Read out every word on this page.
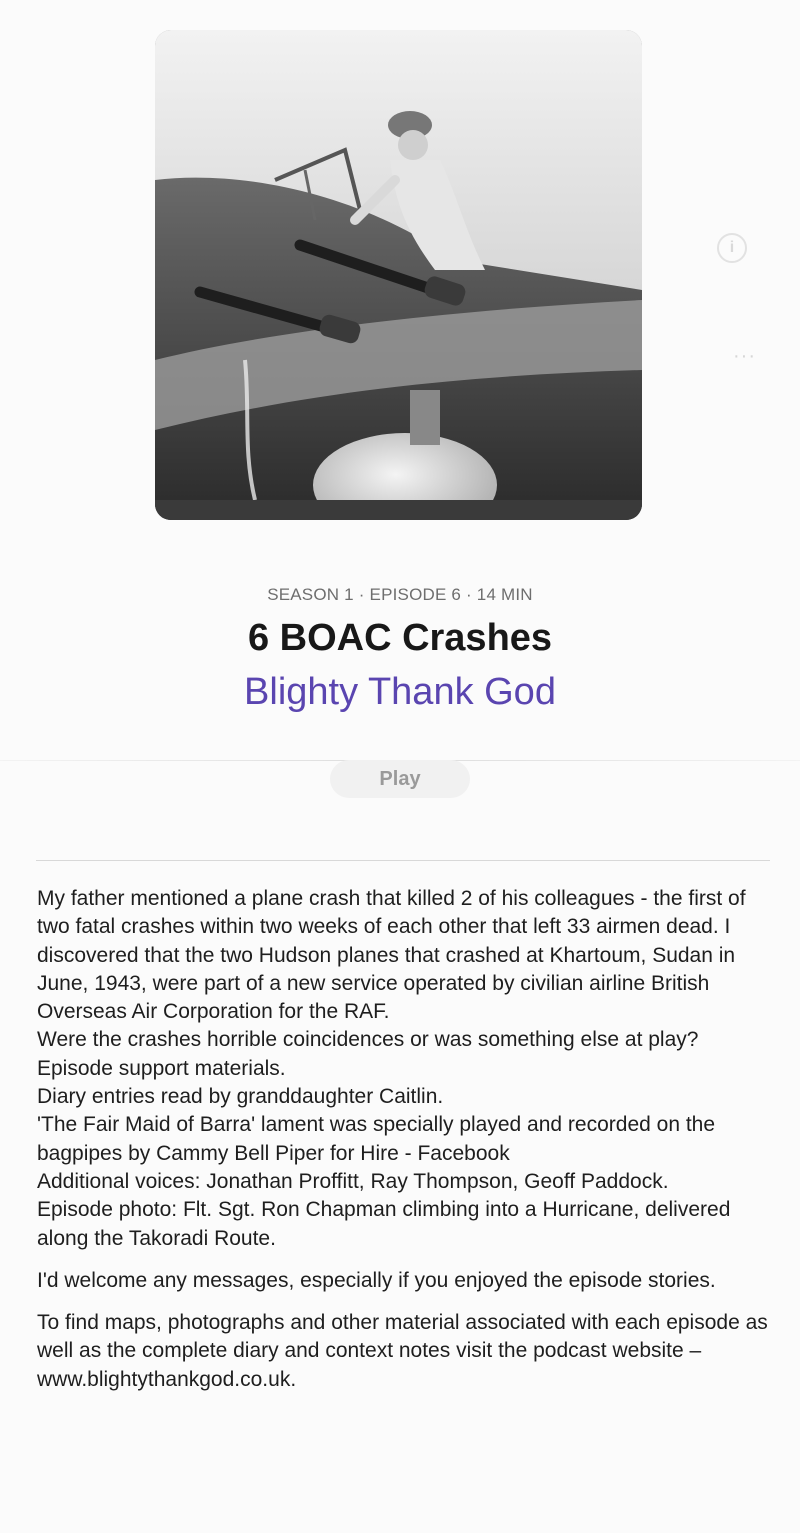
i
···
SEASON 1 · EPISODE 6 · 14 MIN
6 BOAC Crashes
Blighty Thank God
Play

My father mentioned a plane crash that killed 2 of his colleagues - the first of two fatal crashes within two weeks of each other that left 33 airmen dead. I discovered that the two Hudson planes that crashed at Khartoum, Sudan in June, 1943, were part of a new service operated by civilian airline British Overseas Air Corporation for the RAF.

Were the crashes horrible coincidences or was something else at play?

Episode support materials.

Diary entries read by granddaughter Caitlin.

'The Fair Maid of Barra' lament was specially played and recorded on the bagpipes by Cammy Bell Piper for Hire - Facebook

Additional voices: Jonathan Proffitt, Ray Thompson, Geoff Paddock.

Episode photo: Flt. Sgt. Ron Chapman climbing into a Hurricane, delivered along the Takoradi Route.

I'd welcome any messages, especially if you enjoyed the episode stories.

To find maps, photographs and other material associated with each episode as well as the complete diary and context notes visit the podcast website – www.blightythankgod.co.uk.
